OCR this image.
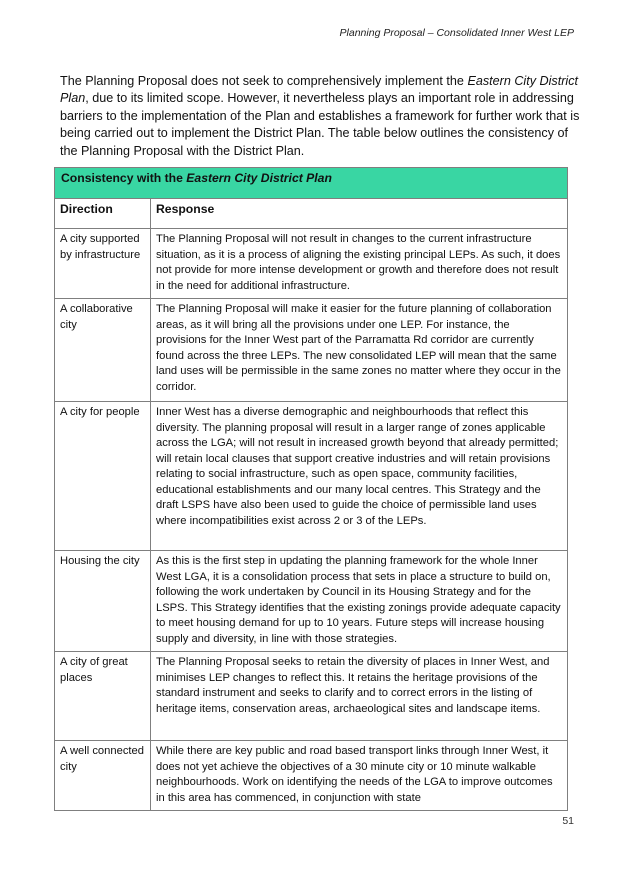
Planning Proposal – Consolidated Inner West LEP

The Planning Proposal does not seek to comprehensively implement the Eastern City District Plan, due to its limited scope. However, it nevertheless plays an important role in addressing barriers to the implementation of the Plan and establishes a framework for further work that is being carried out to implement the District Plan. The table below outlines the consistency of the Planning Proposal with the District Plan.

Consistency with the Eastern City District Plan	
Direction	Response
A city supported by infrastructure	The Planning Proposal will not result in changes to the current infrastructure situation, as it is a process of aligning the existing principal LEPs. As such, it does not provide for more intense development or growth and therefore does not result in the need for additional infrastructure.
A collaborative city	The Planning Proposal will make it easier for the future planning of collaboration areas, as it will bring all the provisions under one LEP. For instance, the provisions for the Inner West part of the Parramatta Rd corridor are currently found across the three LEPs. The new consolidated LEP will mean that the same land uses will be permissible in the same zones no matter where they occur in the corridor.
A city for people	Inner West has a diverse demographic and neighbourhoods that reflect this diversity. The planning proposal will result in a larger range of zones applicable across the LGA; will not result in increased growth beyond that already permitted; will retain local clauses that support creative industries and will retain provisions relating to social infrastructure, such as open space, community facilities, educational establishments and our many local centres. This Strategy and the draft LSPS have also been used to guide the choice of permissible land uses where incompatibilities exist across 2 or 3 of the LEPs.
Housing the city	As this is the first step in updating the planning framework for the whole Inner West LGA, it is a consolidation process that sets in place a structure to build on, following the work undertaken by Council in its Housing Strategy and for the LSPS. This Strategy identifies that the existing zonings provide adequate capacity to meet housing demand for up to 10 years. Future steps will increase housing supply and diversity, in line with those strategies.
A city of great places	The Planning Proposal seeks to retain the diversity of places in Inner West, and minimises LEP changes to reflect this. It retains the heritage provisions of the standard instrument and seeks to clarify and to correct errors in the listing of heritage items, conservation areas, archaeological sites and landscape items.
A well connected city	While there are key public and road based transport links through Inner West, it does not yet achieve the objectives of a 30 minute city or 10 minute walkable neighbourhoods. Work on identifying the needs of the LGA to improve outcomes in this area has commenced, in conjunction with state
51
